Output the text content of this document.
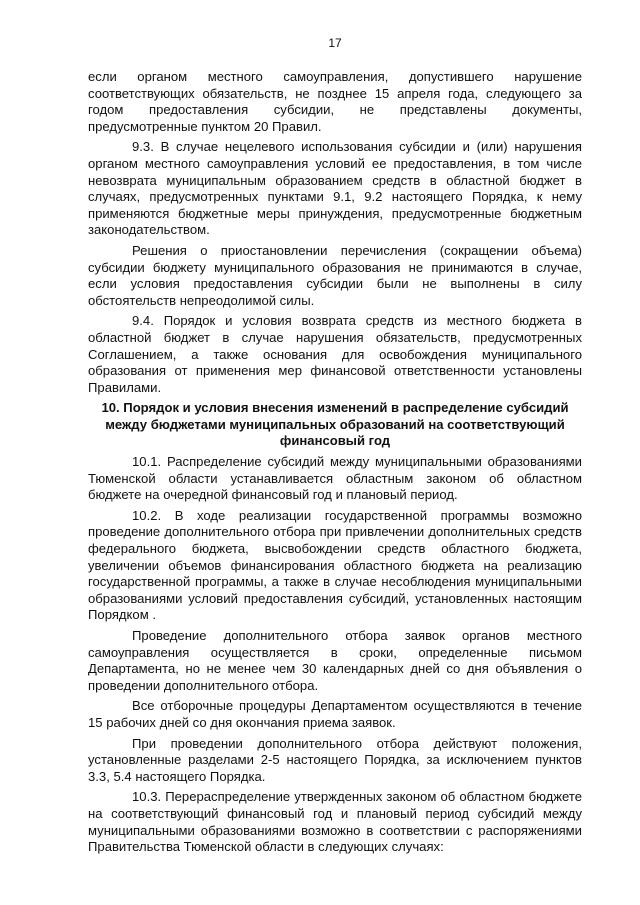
17

если органом местного самоуправления, допустившего нарушение соответствующих обязательств, не позднее 15 апреля года, следующего за годом предоставления субсидии, не представлены документы, предусмотренные пунктом 20 Правил.

9.3. В случае нецелевого использования субсидии и (или) нарушения органом местного самоуправления условий ее предоставления, в том числе невозврата муниципальным образованием средств в областной бюджет в случаях, предусмотренных пунктами 9.1, 9.2 настоящего Порядка, к нему применяются бюджетные меры принуждения, предусмотренные бюджетным законодательством.

Решения о приостановлении перечисления (сокращении объема) субсидии бюджету муниципального образования не принимаются в случае, если условия предоставления субсидии были не выполнены в силу обстоятельств непреодолимой силы.

9.4. Порядок и условия возврата средств из местного бюджета в областной бюджет в случае нарушения обязательств, предусмотренных Соглашением, а также основания для освобождения муниципального образования от применения мер финансовой ответственности установлены Правилами.

10. Порядок и условия внесения изменений в распределение субсидий между бюджетами муниципальных образований на соответствующий финансовый год

10.1. Распределение субсидий между муниципальными образованиями Тюменской области устанавливается областным законом об областном бюджете на очередной финансовый год и плановый период.

10.2. В ходе реализации государственной программы возможно проведение дополнительного отбора при привлечении дополнительных средств федерального бюджета, высвобождении средств областного бюджета, увеличении объемов финансирования областного бюджета на реализацию государственной программы, а также в случае несоблюдения муниципальными образованиями условий предоставления субсидий, установленных настоящим Порядком .

Проведение дополнительного отбора заявок органов местного самоуправления осуществляется в сроки, определенные письмом Департамента, но не менее чем 30 календарных дней со дня объявления о проведении дополнительного отбора.

Все отборочные процедуры Департаментом осуществляются в течение 15 рабочих дней со дня окончания приема заявок.

При проведении дополнительного отбора действуют положения, установленные разделами 2-5 настоящего Порядка, за исключением пунктов 3.3, 5.4 настоящего Порядка.

10.3. Перераспределение утвержденных законом об областном бюджете на соответствующий финансовый год и плановый период субсидий между муниципальными образованиями возможно в соответствии с распоряжениями Правительства Тюменской области в следующих случаях:
